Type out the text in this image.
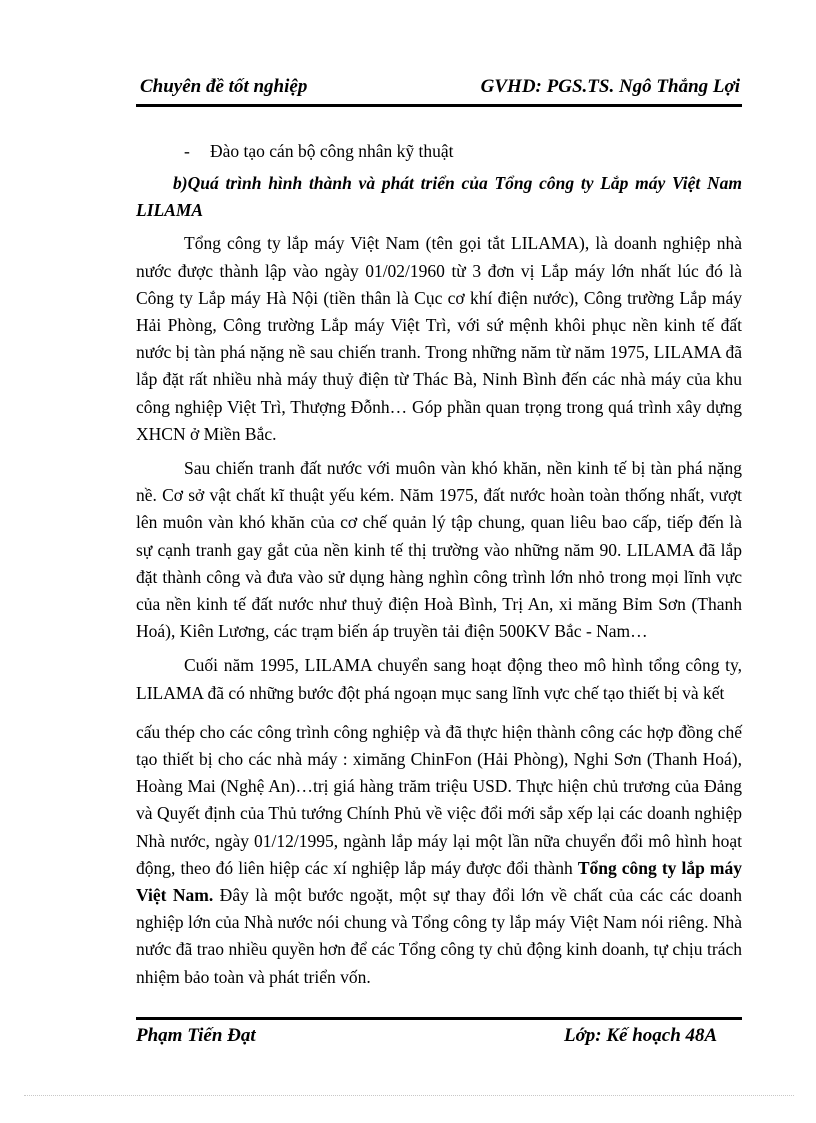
Chuyên đề tốt nghiệp	GVHD: PGS.TS. Ngô Thắng Lợi
- Đào tạo cán bộ công nhân kỹ thuật

b)Quá trình hình thành và phát triển của Tổng công ty Lắp máy Việt Nam LILAMA

Tổng công ty lắp máy Việt Nam (tên gọi tắt LILAMA), là doanh nghiệp nhà nước được thành lập vào ngày 01/02/1960 từ 3 đơn vị Lắp máy lớn nhất lúc đó là Công ty Lắp máy Hà Nội (tiền thân là Cục cơ khí điện nước), Công trường Lắp máy Hải Phòng, Công trường Lắp máy Việt Trì, với sứ mệnh khôi phục nền kinh tế đất nước bị tàn phá nặng nề sau chiến tranh. Trong những năm từ năm 1975, LILAMA đã lắp đặt rất nhiều nhà máy thuỷ điện từ Thác Bà, Ninh Bình đến các nhà máy của khu công nghiệp Việt Trì, Thượng Đỗnh… Góp phần quan trọng trong quá trình xây dựng XHCN ở Miền Bắc.

Sau chiến tranh đất nước với muôn vàn khó khăn, nền kinh tế bị tàn phá nặng nề. Cơ sở vật chất kĩ thuật yếu kém. Năm 1975, đất nước hoàn toàn thống nhất, vượt lên muôn vàn khó khăn của cơ chế quản lý tập chung, quan liêu bao cấp, tiếp đến là sự cạnh tranh gay gắt của nền kinh tế thị trường vào những năm 90. LILAMA đã lắp đặt thành công và đưa vào sử dụng hàng nghìn công trình lớn nhỏ trong mọi lĩnh vực của nền kinh tế đất nước như thuỷ điện Hoà Bình, Trị An, xi măng Bỉm Sơn (Thanh Hoá), Kiên Lương, các trạm biến áp truyền tải điện 500KV Bắc - Nam…

Cuối năm 1995, LILAMA chuyển sang hoạt động theo mô hình tổng công ty, LILAMA đã có những bước đột phá ngoạn mục sang lĩnh vực chế tạo thiết bị và kết

cấu thép cho các công trình công nghiệp và đã thực hiện thành công các hợp đồng chế tạo thiết bị cho các nhà máy : ximăng ChinFon (Hải Phòng), Nghi Sơn (Thanh Hoá), Hoàng Mai (Nghệ An)…trị giá hàng trăm triệu USD. Thực hiện chủ trương của Đảng và Quyết định của Thủ tướng Chính Phủ về việc đổi mới sắp xếp lại các doanh nghiệp Nhà nước, ngày 01/12/1995, ngành lắp máy lại một lần nữa chuyển đổi mô hình hoạt động, theo đó liên hiệp các xí nghiệp lắp máy được đổi thành Tổng công ty lắp máy Việt Nam. Đây là một bước ngoặt, một sự thay đổi lớn về chất của các các doanh nghiệp lớn của Nhà nước nói chung và Tổng công ty lắp máy Việt Nam nói riêng. Nhà nước đã trao nhiều quyền hơn để các Tổng công ty chủ động kinh doanh, tự chịu trách nhiệm bảo toàn và phát triển vốn.

Phạm Tiến Đạt	Lớp: Kế hoạch 48A
